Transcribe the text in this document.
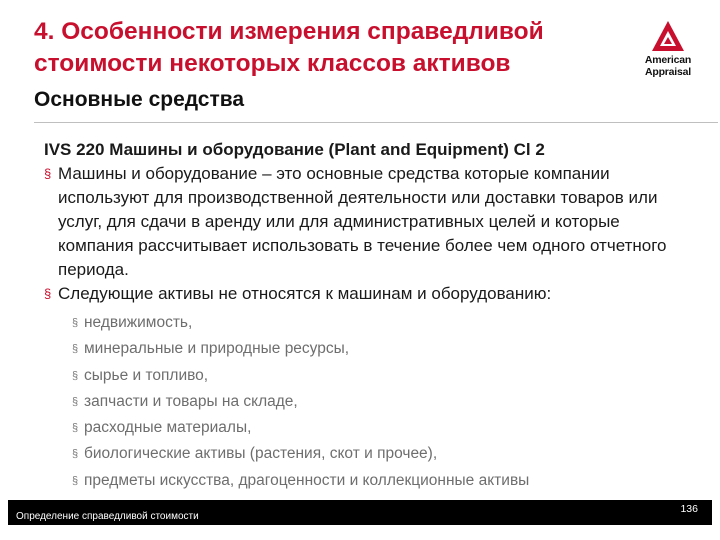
4. Особенности измерения справедливой
стоимости некоторых классов активов
Основные средства
American
Appraisal

IVS 220 Машины и оборудование (Plant and Equipment) Cl 2

§ Машины и оборудование – это основные средства которые компании используют для производственной деятельности или доставки товаров или услуг, для сдачи в аренду или для административных целей и которые компания рассчитывает использовать в течение более чем одного отчетного периода.

§ Следующие активы не относятся к машинам и оборудованию:

§ недвижимость,
§ минеральные и природные ресурсы,
§ сырье и топливо,
§ запчасти и товары на складе,
§ расходные материалы,
§ биологические активы (растения, скот и прочее),
§ предметы искусства, драгоценности и коллекционные активы
Определение справедливой стоимости
136
